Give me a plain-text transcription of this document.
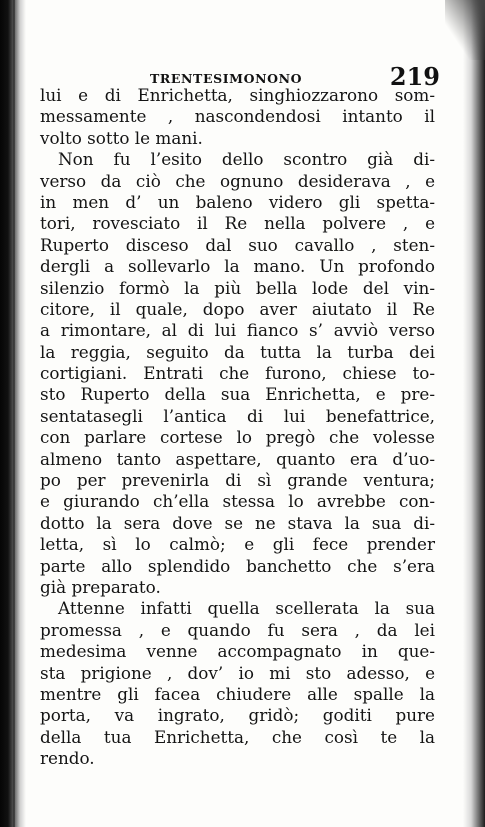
TRENTESIMONONO	219
lui e di Enrichetta, singhiozzarono som-
messamente , nascondendosi intanto il
volto sotto le mani.
Non fu l’esito dello scontro già di-
verso da ciò che ognuno desiderava , e
in men d’ un baleno videro gli spetta-
tori, rovesciato il Re nella polvere , e
Ruperto disceso dal suo cavallo , sten-
dergli a sollevarlo la mano. Un profondo
silenzio formò la più bella lode del vin-
citore, il quale, dopo aver aiutato il Re
a rimontare, al di lui fianco s’ avviò verso
la reggia, seguito da tutta la turba dei
cortigiani. Entrati che furono, chiese to-
sto Ruperto della sua Enrichetta, e pre-
sentatasegli l’antica di lui benefattrice,
con parlare cortese lo pregò che volesse
almeno tanto aspettare, quanto era d’uo-
po per prevenirla di sì grande ventura;
e giurando ch’ella stessa lo avrebbe con-
dotto la sera dove se ne stava la sua di-
letta, sì lo calmò; e gli fece prender
parte allo splendido banchetto che s’era
già preparato.
Attenne infatti quella scellerata la sua
promessa , e quando fu sera , da lei
medesima venne accompagnato in que-
sta prigione , dov’ io mi sto adesso, e
mentre gli facea chiudere alle spalle la
porta, va ingrato, gridò; goditi pure
della tua Enrichetta, che così te la
rendo.
